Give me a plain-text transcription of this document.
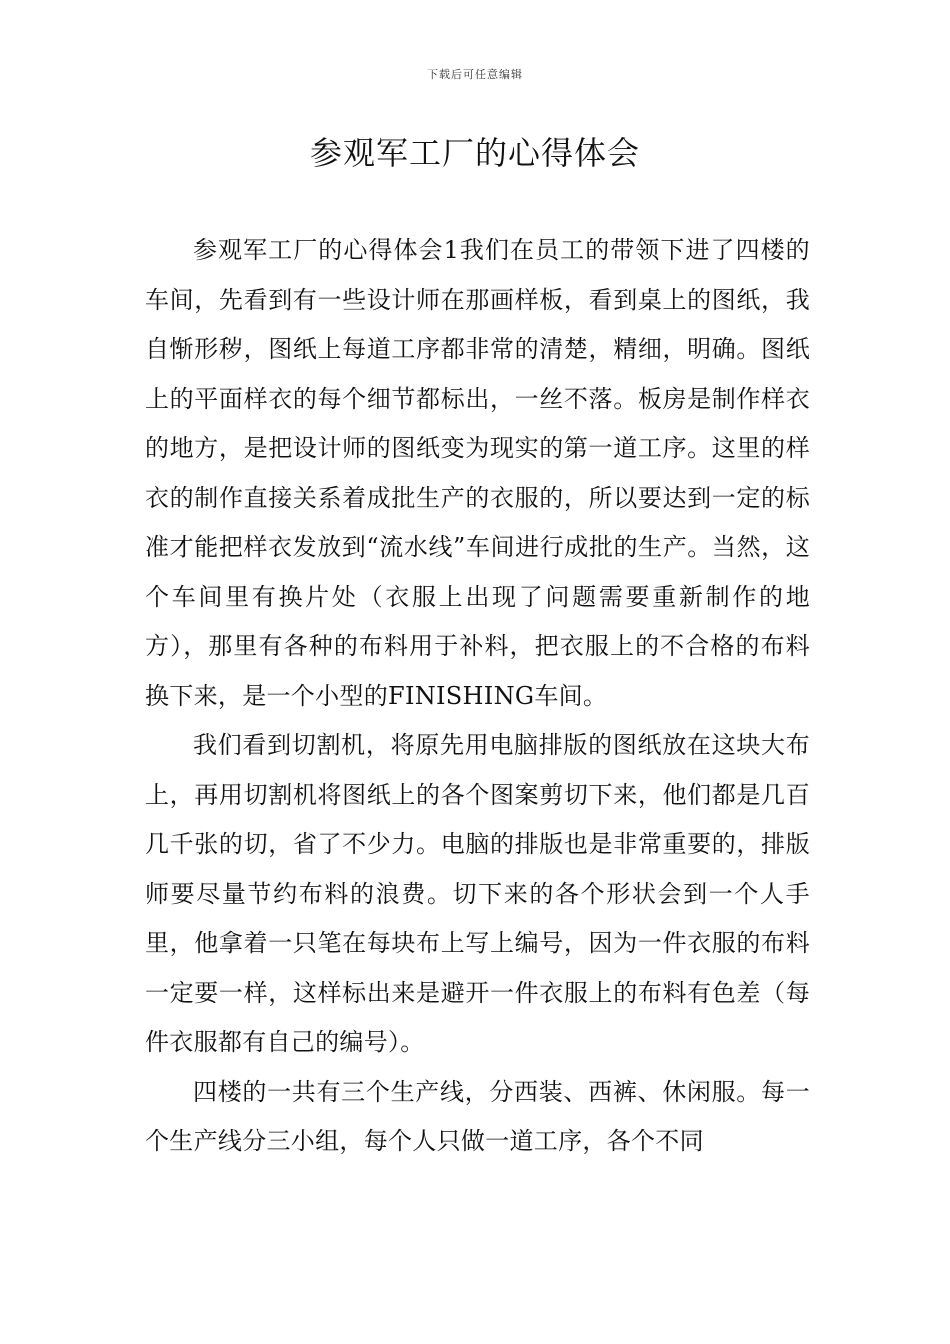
下载后可任意编辑
参观军工厂的心得体会

参观军工厂的心得体会1我们在员工的带领下进了四楼的车间，先看到有一些设计师在那画样板，看到桌上的图纸，我自惭形秽，图纸上每道工序都非常的清楚，精细，明确。图纸上的平面样衣的每个细节都标出，一丝不落。板房是制作样衣的地方，是把设计师的图纸变为现实的第一道工序。这里的样衣的制作直接关系着成批生产的衣服的，所以要达到一定的标准才能把样衣发放到“流水线”车间进行成批的生产。当然，这个车间里有换片处（衣服上出现了问题需要重新制作的地方），那里有各种的布料用于补料，把衣服上的不合格的布料换下来，是一个小型的FINISHING车间。

我们看到切割机，将原先用电脑排版的图纸放在这块大布上，再用切割机将图纸上的各个图案剪切下来，他们都是几百几千张的切，省了不少力。电脑的排版也是非常重要的，排版师要尽量节约布料的浪费。切下来的各个形状会到一个人手里，他拿着一只笔在每块布上写上编号，因为一件衣服的布料一定要一样，这样标出来是避开一件衣服上的布料有色差（每件衣服都有自己的编号）。

四楼的一共有三个生产线，分西装、西裤、休闲服。每一个生产线分三小组，每个人只做一道工序，各个不同
